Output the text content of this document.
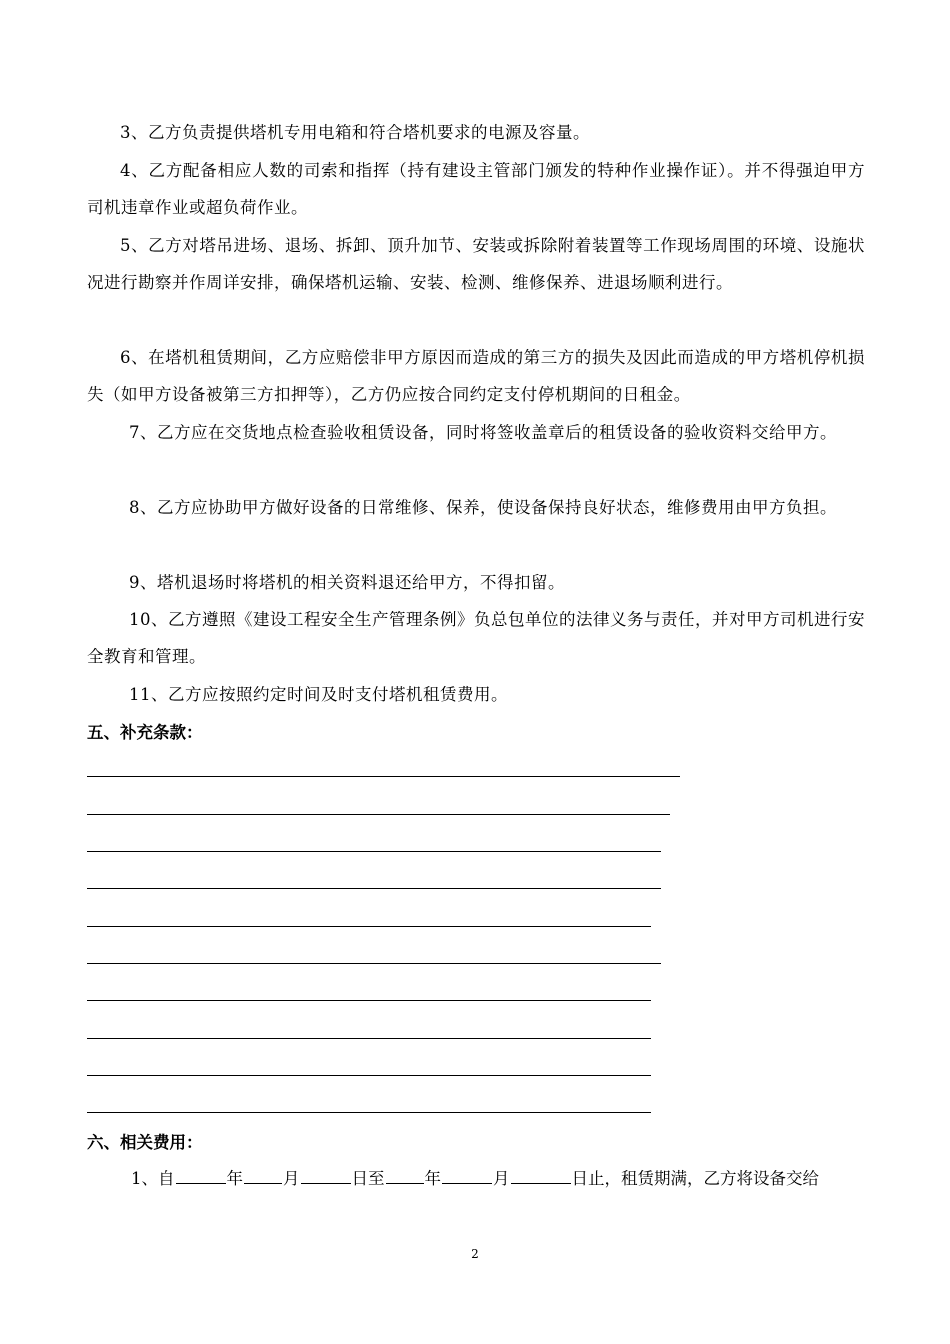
3、乙方负责提供塔机专用电箱和符合塔机要求的电源及容量。

4、乙方配备相应人数的司索和指挥（持有建设主管部门颁发的特种作业操作证）。并不得强迫甲方司机违章作业或超负荷作业。

5、乙方对塔吊进场、退场、拆卸、顶升加节、安装或拆除附着装置等工作现场周围的环境、设施状况进行勘察并作周详安排，确保塔机运输、安装、检测、维修保养、进退场顺利进行。

6、在塔机租赁期间，乙方应赔偿非甲方原因而造成的第三方的损失及因此而造成的甲方塔机停机损失（如甲方设备被第三方扣押等），乙方仍应按合同约定支付停机期间的日租金。

7、乙方应在交货地点检查验收租赁设备，同时将签收盖章后的租赁设备的验收资料交给甲方。

8、乙方应协助甲方做好设备的日常维修、保养，使设备保持良好状态，维修费用由甲方负担。

9、塔机退场时将塔机的相关资料退还给甲方，不得扣留。

10、乙方遵照《建设工程安全生产管理条例》负总包单位的法律义务与责任，并对甲方司机进行安全教育和管理。

11、乙方应按照约定时间及时支付塔机租赁费用。

五、补充条款：
六、相关费用：
1、自	年 月	日至 年	月	日止，租赁期满，乙方将设备交给
2
